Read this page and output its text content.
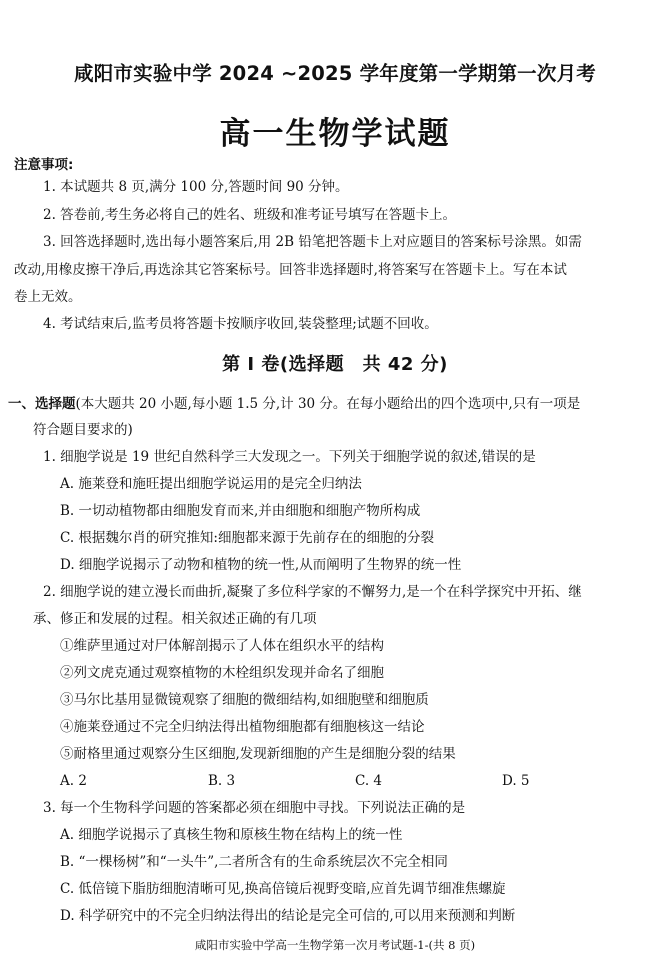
咸阳市实验中学 2024 ~2025 学年度第一学期第一次月考
高一生物学试题
注意事项:
1. 本试题共 8 页,满分 100 分,答题时间 90 分钟。
2. 答卷前,考生务必将自己的姓名、班级和准考证号填写在答题卡上。
3. 回答选择题时,选出每小题答案后,用 2B 铅笔把答题卡上对应题目的答案标号涂黑。如需
改动,用橡皮擦干净后,再选涂其它答案标号。回答非选择题时,将答案写在答题卡上。写在本试
卷上无效。
4. 考试结束后,监考员将答题卡按顺序收回,装袋整理;试题不回收。
第 Ⅰ 卷(选择题　共 42 分)
一、选择题(本大题共 20 小题,每小题 1.5 分,计 30 分。在每小题给出的四个选项中,只有一项是
符合题目要求的)
1. 细胞学说是 19 世纪自然科学三大发现之一。下列关于细胞学说的叙述,错误的是
A. 施莱登和施旺提出细胞学说运用的是完全归纳法
B. 一切动植物都由细胞发育而来,并由细胞和细胞产物所构成
C. 根据魏尔肖的研究推知:细胞都来源于先前存在的细胞的分裂
D. 细胞学说揭示了动物和植物的统一性,从而阐明了生物界的统一性
2. 细胞学说的建立漫长而曲折,凝聚了多位科学家的不懈努力,是一个在科学探究中开拓、继
承、修正和发展的过程。相关叙述正确的有几项
①维萨里通过对尸体解剖揭示了人体在组织水平的结构
②列文虎克通过观察植物的木栓组织发现并命名了细胞
③马尔比基用显微镜观察了细胞的微细结构,如细胞壁和细胞质
④施莱登通过不完全归纳法得出植物细胞都有细胞核这一结论
⑤耐格里通过观察分生区细胞,发现新细胞的产生是细胞分裂的结果
A. 2	B. 3	C. 4	D. 5
3. 每一个生物科学问题的答案都必须在细胞中寻找。下列说法正确的是
A. 细胞学说揭示了真核生物和原核生物在结构上的统一性
B. “一棵杨树”和“一头牛”,二者所含有的生命系统层次不完全相同
C. 低倍镜下脂肪细胞清晰可见,换高倍镜后视野变暗,应首先调节细准焦螺旋
D. 科学研究中的不完全归纳法得出的结论是完全可信的,可以用来预测和判断
咸阳市实验中学高一生物学第一次月考试题-1-(共 8 页)
